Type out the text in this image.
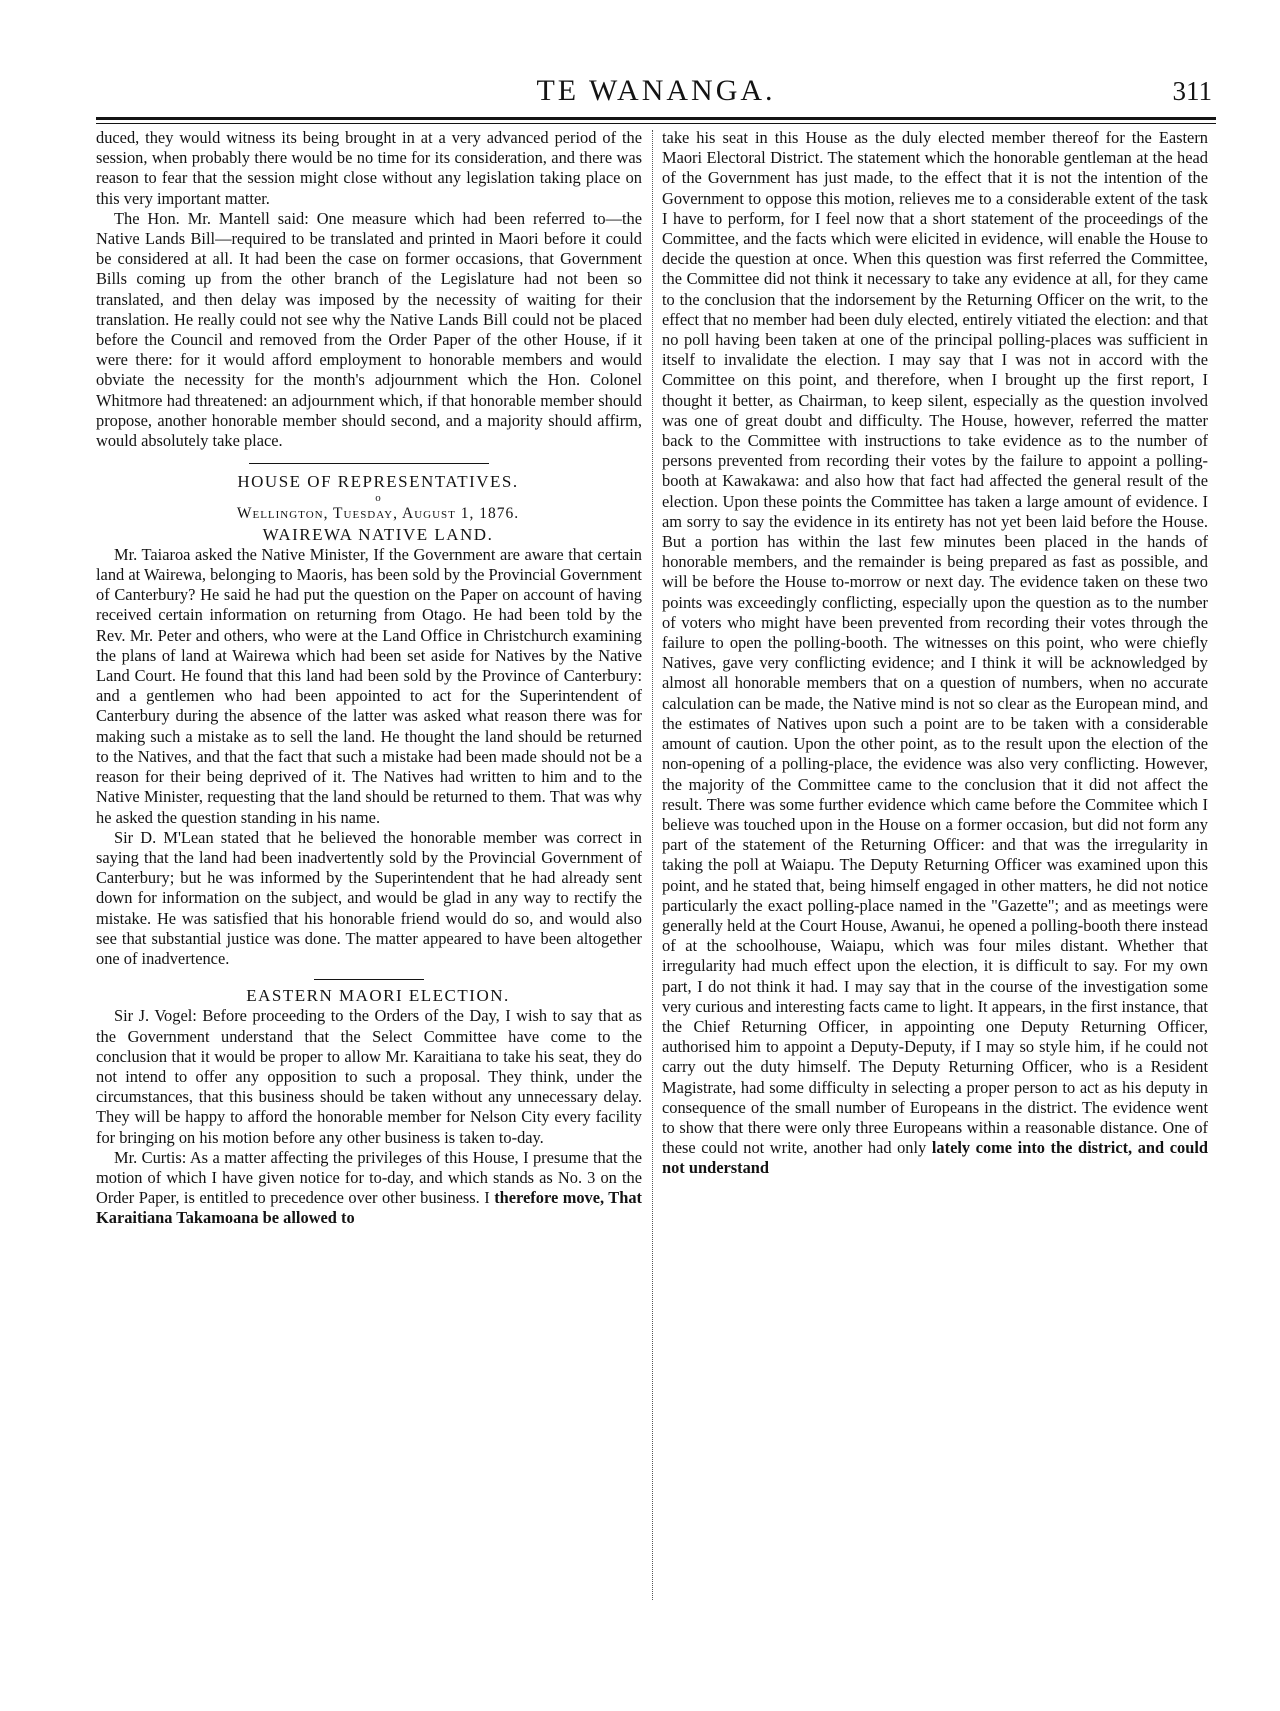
TE WANANGA.	311

duced, they would witness its being brought in at a very advanced period of the session, when probably there would be no time for its consideration, and there was reason to fear that the session might close without any legislation taking place on this very important matter.

The Hon. Mr. Mantell said: One measure which had been referred to—the Native Lands Bill—required to be translated and printed in Maori before it could be considered at all. It had been the case on former occasions, that Government Bills coming up from the other branch of the Legislature had not been so translated, and then delay was imposed by the necessity of waiting for their translation. He really could not see why the Native Lands Bill could not be placed before the Council and removed from the Order Paper of the other House, if it were there: for it would afford employment to honorable members and would obviate the necessity for the month's adjournment which the Hon. Colonel Whitmore had threatened: an adjournment which, if that honorable member should propose, another honorable member should second, and a majority should affirm, would absolutely take place.

HOUSE OF REPRESENTATIVES.

o

Wellington, Tuesday, August 1, 1876.

WAIREWA NATIVE LAND.

Mr. Taiaroa asked the Native Minister, If the Government are aware that certain land at Wairewa, belonging to Maoris, has been sold by the Provincial Government of Canterbury? He said he had put the question on the Paper on account of having received certain information on returning from Otago. He had been told by the Rev. Mr. Peter and others, who were at the Land Office in Christchurch examining the plans of land at Wairewa which had been set aside for Natives by the Native Land Court. He found that this land had been sold by the Province of Canterbury: and a gentlemen who had been appointed to act for the Superintendent of Canterbury during the absence of the latter was asked what reason there was for making such a mistake as to sell the land. He thought the land should be returned to the Natives, and that the fact that such a mistake had been made should not be a reason for their being deprived of it. The Natives had written to him and to the Native Minister, requesting that the land should be returned to them. That was why he asked the question standing in his name.

Sir D. M'Lean stated that he believed the honorable member was correct in saying that the land had been inadvertently sold by the Provincial Government of Canterbury; but he was informed by the Superintendent that he had already sent down for information on the subject, and would be glad in any way to rectify the mistake. He was satisfied that his honorable friend would do so, and would also see that substantial justice was done. The matter appeared to have been altogether one of inadvertence.

EASTERN MAORI ELECTION.

Sir J. Vogel: Before proceeding to the Orders of the Day, I wish to say that as the Government understand that the Select Committee have come to the conclusion that it would be proper to allow Mr. Karaitiana to take his seat, they do not intend to offer any opposition to such a proposal. They think, under the circumstances, that this business should be taken without any unnecessary delay. They will be happy to afford the honorable member for Nelson City every facility for bringing on his motion before any other business is taken to-day.

Mr. Curtis: As a matter affecting the privileges of this House, I presume that the motion of which I have given notice for to-day, and which stands as No. 3 on the Order Paper, is entitled to precedence over other business. I therefore move, That Karaitiana Takamoana be allowed to

take his seat in this House as the duly elected member thereof for the Eastern Maori Electoral District. The statement which the honorable gentleman at the head of the Government has just made, to the effect that it is not the intention of the Government to oppose this motion, relieves me to a considerable extent of the task I have to perform, for I feel now that a short statement of the proceedings of the Committee, and the facts which were elicited in evidence, will enable the House to decide the question at once. When this question was first referred the Committee, the Committee did not think it necessary to take any evidence at all, for they came to the conclusion that the indorsement by the Returning Officer on the writ, to the effect that no member had been duly elected, entirely vitiated the election: and that no poll having been taken at one of the principal polling-places was sufficient in itself to invalidate the election. I may say that I was not in accord with the Committee on this point, and therefore, when I brought up the first report, I thought it better, as Chairman, to keep silent, especially as the question involved was one of great doubt and difficulty. The House, however, referred the matter back to the Committee with instructions to take evidence as to the number of persons prevented from recording their votes by the failure to appoint a polling-booth at Kawakawa: and also how that fact had affected the general result of the election. Upon these points the Committee has taken a large amount of evidence. I am sorry to say the evidence in its entirety has not yet been laid before the House. But a portion has within the last few minutes been placed in the hands of honorable members, and the remainder is being prepared as fast as possible, and will be before the House to-morrow or next day. The evidence taken on these two points was exceedingly conflicting, especially upon the question as to the number of voters who might have been prevented from recording their votes through the failure to open the polling-booth. The witnesses on this point, who were chiefly Natives, gave very conflicting evidence; and I think it will be acknowledged by almost all honorable members that on a question of numbers, when no accurate calculation can be made, the Native mind is not so clear as the European mind, and the estimates of Natives upon such a point are to be taken with a considerable amount of caution. Upon the other point, as to the result upon the election of the non-opening of a polling-place, the evidence was also very conflicting. However, the majority of the Committee came to the conclusion that it did not affect the result. There was some further evidence which came before the Commitee which I believe was touched upon in the House on a former occasion, but did not form any part of the statement of the Returning Officer: and that was the irregularity in taking the poll at Waiapu. The Deputy Returning Officer was examined upon this point, and he stated that, being himself engaged in other matters, he did not notice particularly the exact polling-place named in the "Gazette"; and as meetings were generally held at the Court House, Awanui, he opened a polling-booth there instead of at the schoolhouse, Waiapu, which was four miles distant. Whether that irregularity had much effect upon the election, it is difficult to say. For my own part, I do not think it had. I may say that in the course of the investigation some very curious and interesting facts came to light. It appears, in the first instance, that the Chief Returning Officer, in appointing one Deputy Returning Officer, authorised him to appoint a Deputy-Deputy, if I may so style him, if he could not carry out the duty himself. The Deputy Returning Officer, who is a Resident Magistrate, had some difficulty in selecting a proper person to act as his deputy in consequence of the small number of Europeans in the district. The evidence went to show that there were only three Europeans within a reasonable distance. One of these could not write, another had only lately come into the district, and could not understand
